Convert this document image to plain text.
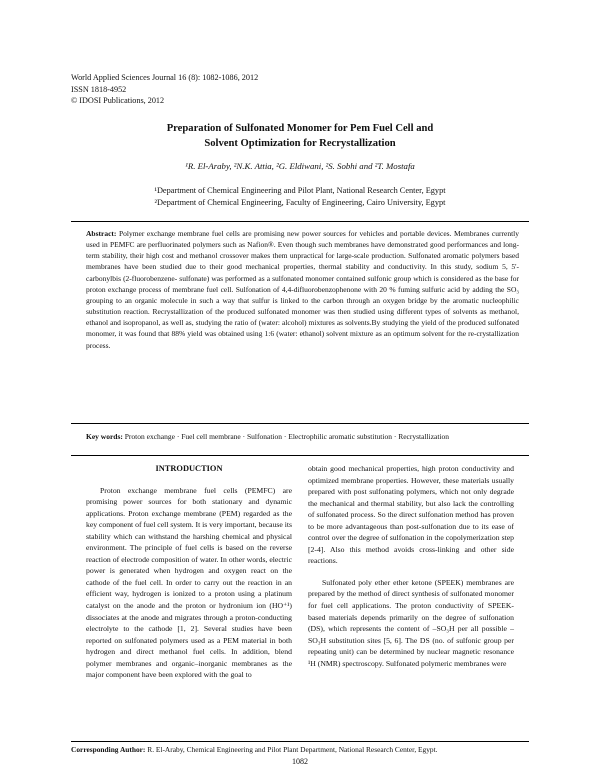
World Applied Sciences Journal 16 (8): 1082-1086, 2012
ISSN 1818-4952
© IDOSI Publications, 2012
Preparation of Sulfonated Monomer for Pem Fuel Cell and
Solvent Optimization for Recrystallization
¹R. El-Araby, ²N.K. Attia, ²G. Eldiwani, ²S. Sobhi and ²T. Mostafa
¹Department of Chemical Engineering and Pilot Plant, National Research Center, Egypt
²Department of Chemical Engineering, Faculty of Engineering, Cairo University, Egypt
Abstract: Polymer exchange membrane fuel cells are promising new power sources for vehicles and portable devices. Membranes currently used in PEMFC are perfluorinated polymers such as Nafion®. Even though such membranes have demonstrated good performances and long-term stability, their high cost and methanol crossover makes them unpractical for large-scale production. Sulfonated aromatic polymers based membranes have been studied due to their good mechanical properties, thermal stability and conductivity. In this study, sodium 5, 5'-carbonylbis (2-fluorobenzene- sulfonate) was performed as a sulfonated monomer contained sulfonic group which is considered as the base for proton exchange process of membrane fuel cell. Sulfonation of 4,4-difluorobenzophenone with 20 % fuming sulfuric acid by adding the SO₃ grouping to an organic molecule in such a way that sulfur is linked to the carbon through an oxygen bridge by the aromatic nucleophilic substitution reaction. Recrystallization of the produced sulfonated monomer was then studied using different types of solvents as methanol, ethanol and isopropanol, as well as, studying the ratio of (water: alcohol) mixtures as solvents.By studying the yield of the produced sulfonated monomer, it was found that 88% yield was obtained using 1:6 (water: ethanol) solvent mixture as an optimum solvent for the re-crystallization process.
Key words: Proton exchange · Fuel cell membrane · Sulfonation · Electrophilic aromatic substitution · Recrystallization

INTRODUCTION

Proton exchange membrane fuel cells (PEMFC) are promising power sources for both stationary and dynamic applications. Proton exchange membrane (PEM) regarded as the key component of fuel cell system. It is very important, because its stability which can withstand the harshing chemical and physical environment. The principle of fuel cells is based on the reverse reaction of electrode composition of water. In other words, electric power is generated when hydrogen and oxygen react on the cathode of the fuel cell. In order to carry out the reaction in an efficient way, hydrogen is ionized to a proton using a platinum catalyst on the anode and the proton or hydronium ion (HO⁺¹) dissociates at the anode and migrates through a proton-conducting electrolyte to the cathode [1, 2]. Several studies have been reported on sulfonated polymers used as a PEM material in both hydrogen and direct methanol fuel cells. In addition, blend polymer membranes and organic–inorganic membranes as the major component have been explored with the goal to

obtain good mechanical properties, high proton conductivity and optimized membrane properties. However, these materials usually prepared with post sulfonating polymers, which not only degrade the mechanical and thermal stability, but also lack the controlling of sulfonated process. So the direct sulfonation method has proven to be more advantageous than post-sulfonation due to its ease of control over the degree of sulfonation in the copolymerization step [2-4]. Also this method avoids cross-linking and other side reactions.

Sulfonated poly ether ether ketone (SPEEK) membranes are prepared by the method of direct synthesis of sulfonated monomer for fuel cell applications. The proton conductivity of SPEEK-based materials depends primarily on the degree of sulfonation (DS), which represents the content of –SO₃H per all possible –SO₃H substitution sites [5, 6]. The DS (no. of sulfonic group per repeating unit) can be determined by nuclear magnetic resonance ¹H (NMR) spectroscopy. Sulfonated polymeric membranes were

Corresponding Author: R. El-Araby, Chemical Engineering and Pilot Plant Department, National Research Center, Egypt.
1082
